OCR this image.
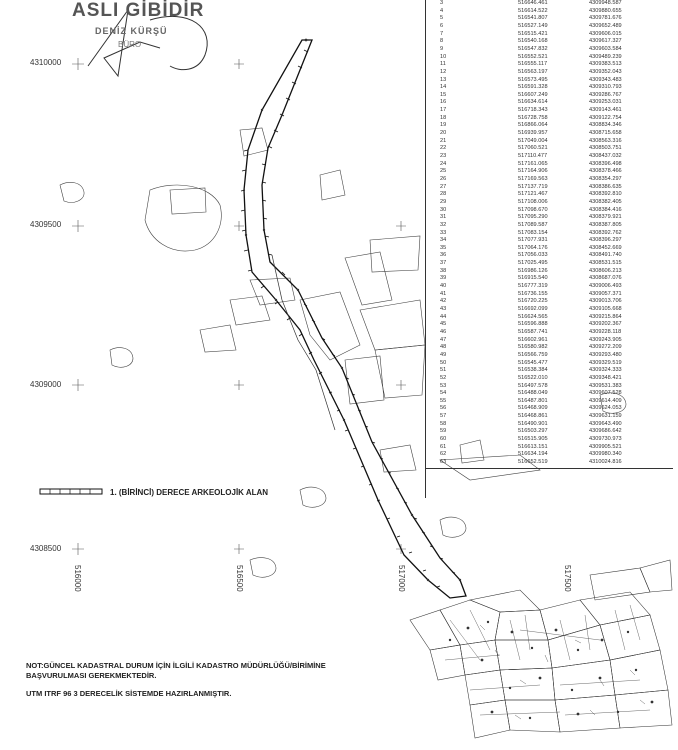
ASLI GİBİDİR
DENİZ KÜRŞÜ
BÜRO
4310000
4309500
4309000
4308500
516000	516500	517000	517500
1. (BİRİNCİ) DERECE ARKEOLOJİK ALAN
NOT:GÜNCEL KADASTRAL DURUM İÇİN İLGİLİ KADASTRO MÜDÜRLÜĞÜ/BİRİMİNE
BAŞVURULMASI GEREKMEKTEDİR.
UTM ITRF 96 3 DERECELİK SİSTEMDE HAZIRLANMIŞTIR.
3	516646.461	4309948.587
4	516614.522	4309880.655
5	516541.807	4309781.676
6	516527.149	4309652.489
7	516515.421	4309606.015
8	516540.168	4309617.327
9	516547.832	4309603.584
10	516552.521	4309489.239
11	516555.117	4309383.513
12	516563.197	4309352.043
13	516573.495	4309343.483
14	516591.328	4309310.793
15	516607.249	4309286.767
16	516634.614	4309253.031
17	516718.343	4309143.461
18	516728.758	4309122.754
19	516866.064	4308834.346
20	516939.957	4308715.658
21	517049.004	4308563.316
22	517060.521	4308503.751
23	517110.477	4308437.032
24	517161.065	4308396.498
25	517164.906	4308378.466
26	517169.563	4308354.297
27	517137.719	4308386.635
28	517121.467	4308392.810
29	517108.006	4308382.405
30	517098.670	4308384.416
31	517095.290	4308379.921
32	517089.587	4308387.805
33	517083.154	4308392.762
34	517077.931	4308396.297
35	517064.176	4308452.669
36	517056.033	4308491.740
37	517025.495	4308531.515
38	516986.126	4308606.213
39	516915.540	4308687.076
40	516777.319	4309006.493
41	516736.155	4309057.371
42	516720.225	4309013.706
43	516692.099	4309105.668
44	516624.565	4309215.864
45	516596.888	4309202.367
46	516587.741	4309228.118
47	516602.961	4309243.905
48	516580.982	4309272.209
49	516566.759	4309293.480
50	516545.477	4309329.519
51	516538.384	4309324.333
52	516522.010	4309348.421
53	516497.578	4309531.383
54	516488.049	4309607.528
55	516487.801	4309614.409
56	516468.909	4309624.053
57	516468.861	4309631.159
58	516490.901	4309643.490
59	516503.297	4309686.642
60	516515.905	4309730.973
61	516613.151	4309905.521
62	516634.194	4309980.340
63	516652.519	4310024.816
